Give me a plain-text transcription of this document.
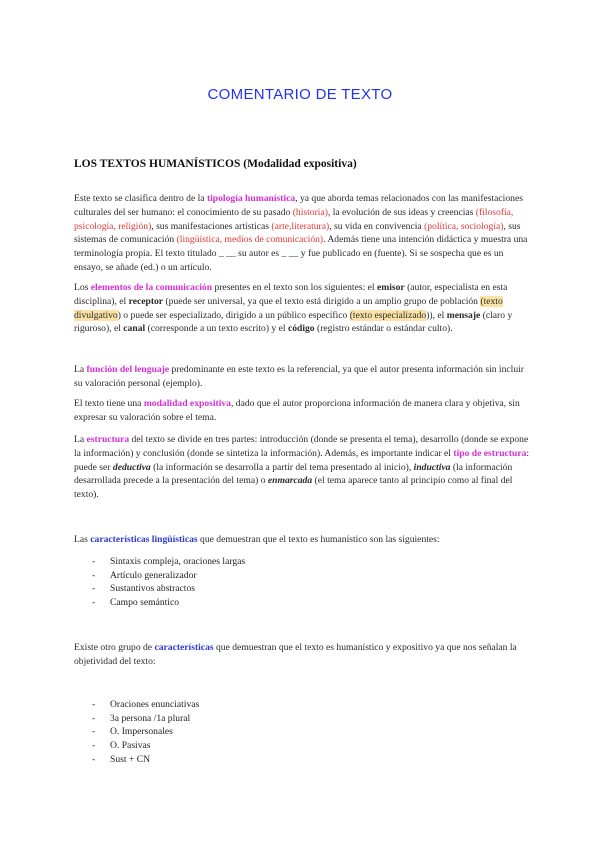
COMENTARIO DE TEXTO
LOS TEXTOS HUMANÍSTICOS (Modalidad expositiva)

Este texto se clasifica dentro de la tipología humanística, ya que aborda temas relacionados con las manifestaciones culturales del ser humano: el conocimiento de su pasado (historia), la evolución de sus ideas y creencias (filosofía, psicología, religión), sus manifestaciones artísticas (arte,literatura), su vida en convivencia (política, sociología), sus sistemas de comunicación (lingüística, medios de comunicación). Además tiene una intención didáctica y muestra una terminología propia. El texto titulado _ __ su autor es _ __ y fue publicado en (fuente). Si se sospecha que es un ensayo, se añade (ed.) o un artículo.

Los elementos de la comunicación presentes en el texto son los siguientes: el emisor (autor, especialista en esta disciplina), el receptor (puede ser universal, ya que el texto está dirigido a un amplio grupo de población (texto divulgativo) o puede ser especializado, dirigido a un público específico (texto especializado)), el mensaje (claro y riguroso), el canal (corresponde a un texto escrito) y el código (registro estándar o estándar culto).

La función del lenguaje predominante en este texto es la referencial, ya que el autor presenta información sin incluir su valoración personal (ejemplo).

El texto tiene una modalidad expositiva, dado que el autor proporciona información de manera clara y objetiva, sin expresar su valoración sobre el tema.

La estructura del texto se divide en tres partes: introducción (donde se presenta el tema), desarrollo (donde se expone la información) y conclusión (donde se sintetiza la información). Además, es importante indicar el tipo de estructura: puede ser deductiva (la información se desarrolla a partir del tema presentado al inicio), inductiva (la información desarrollada precede a la presentación del tema) o enmarcada (el tema aparece tanto al principio como al final del texto).

Las características lingüísticas que demuestran que el texto es humanístico son las siguientes:

- Sintaxis compleja, oraciones largas
- Artículo generalizador
- Sustantivos abstractos
- Campo semántico

Existe otro grupo de características que demuestran que el texto es humanístico y expositivo ya que nos señalan la objetividad del texto:

- Oraciones enunciativas
- 3a persona /1a plural
- O. Impersonales
- O. Pasivas
- Sust + CN
